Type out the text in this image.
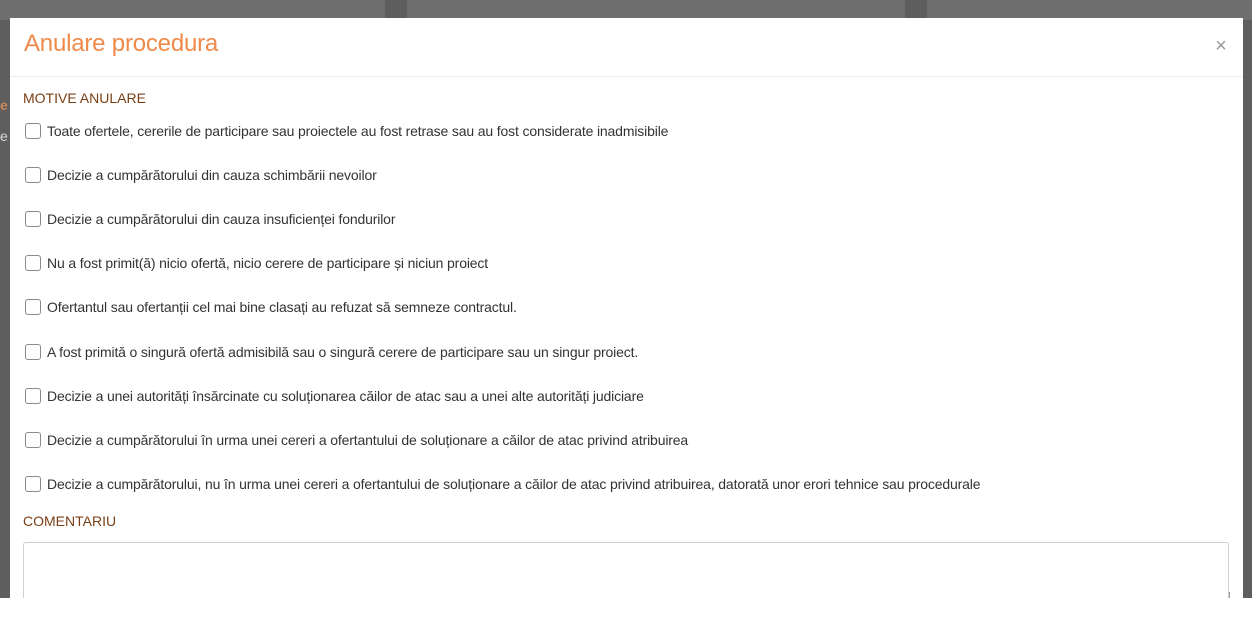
e
e
Anulare procedura	×
MOTIVE ANULARE
Toate ofertele, cererile de participare sau proiectele au fost retrase sau au fost considerate inadmisibile
Decizie a cumpărătorului din cauza schimbării nevoilor
Decizie a cumpărătorului din cauza insuficienței fondurilor
Nu a fost primit(ă) nicio ofertă, nicio cerere de participare și niciun proiect
Ofertantul sau ofertanții cel mai bine clasați au refuzat să semneze contractul.
A fost primită o singură ofertă admisibilă sau o singură cerere de participare sau un singur proiect.
Decizie a unei autorități însărcinate cu soluționarea căilor de atac sau a unei alte autorități judiciare
Decizie a cumpărătorului în urma unei cereri a ofertantului de soluționare a căilor de atac privind atribuirea
Decizie a cumpărătorului, nu în urma unei cereri a ofertantului de soluționare a căilor de atac privind atribuirea, datorată unor erori tehnice sau procedurale
COMENTARIU
